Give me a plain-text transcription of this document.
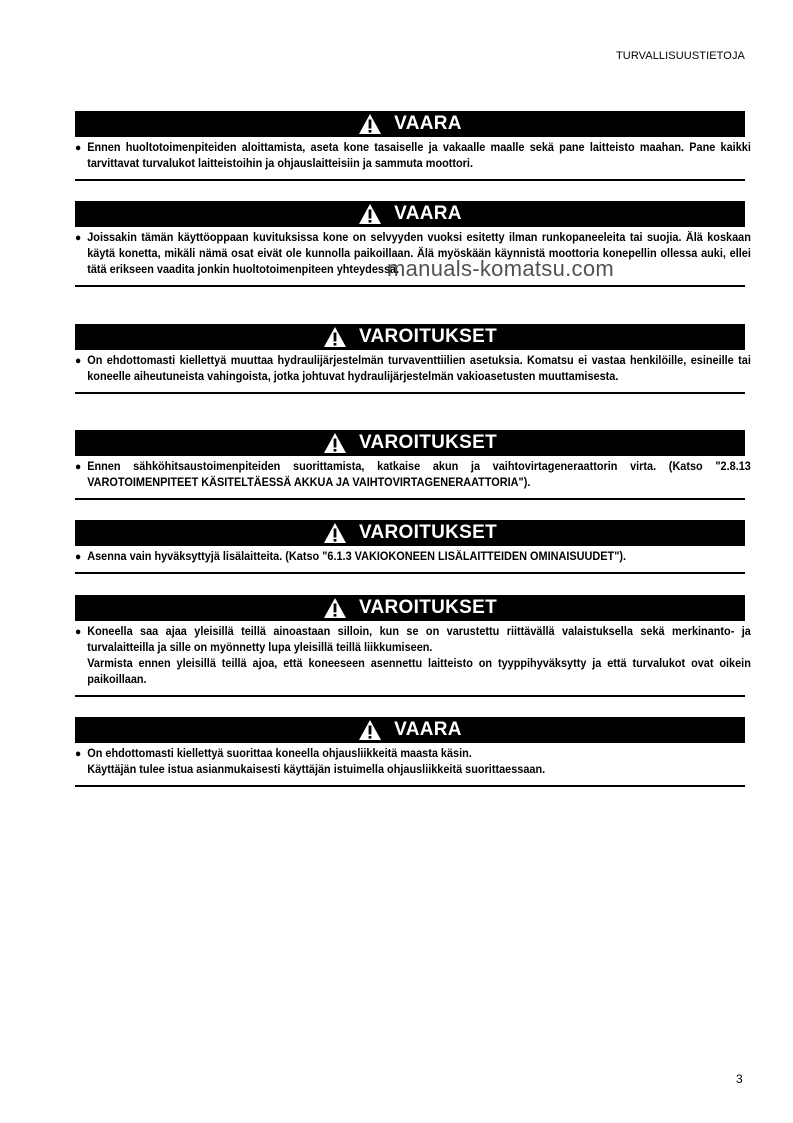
TURVALLISUUSTIETOJA
VAARA
● Ennen huoltotoimenpiteiden aloittamista, aseta kone tasaiselle ja vakaalle maalle sekä pane laitteisto maahan. Pane kaikki tarvittavat turvalukot laitteistoihin ja ohjauslaitteisiin ja sammuta moottori.

VAARA
● Joissakin tämän käyttöoppaan kuvituksissa kone on selvyyden vuoksi esitetty ilman runkopaneeleita tai suojia. Älä koskaan käytä konetta, mikäli nämä osat eivät ole kunnolla paikoillaan. Älä myöskään käynnistä moottoria konepellin ollessa auki, ellei tätä erikseen vaadita jonkin huoltotoimenpiteen yhteydessä.

VAROITUKSET
● On ehdottomasti kiellettyä muuttaa hydraulijärjestelmän turvaventtiilien asetuksia. Komatsu ei vastaa henkilöille, esineille tai koneelle aiheutuneista vahingoista, jotka johtuvat hydraulijärjestelmän vakioasetusten muuttamisesta.

VAROITUKSET
● Ennen sähköhitsaustoimenpiteiden suorittamista, katkaise akun ja vaihtovirtageneraattorin virta. (Katso "2.8.13 VAROTOIMENPITEET KÄSITELTÄESSÄ AKKUA JA VAIHTOVIRTAGENERAATTORIA").

VAROITUKSET
● Asenna vain hyväksyttyjä lisälaitteita. (Katso "6.1.3 VAKIOKONEEN LISÄLAITTEIDEN OMINAISUUDET").

VAROITUKSET
● Koneella saa ajaa yleisillä teillä ainoastaan silloin, kun se on varustettu riittävällä valaistuksella sekä merkinanto- ja turvalaitteilla ja sille on myönnetty lupa yleisillä teillä liikkumiseen.

Varmista ennen yleisillä teillä ajoa, että koneeseen asennettu laitteisto on tyyppihyväksytty ja että turvalukot ovat oikein paikoillaan.

VAARA
● On ehdottomasti kiellettyä suorittaa koneella ohjausliikkeitä maasta käsin.

Käyttäjän tulee istua asianmukaisesti käyttäjän istuimella ohjausliikkeitä suorittaessaan.

manuals-komatsu.com
3
